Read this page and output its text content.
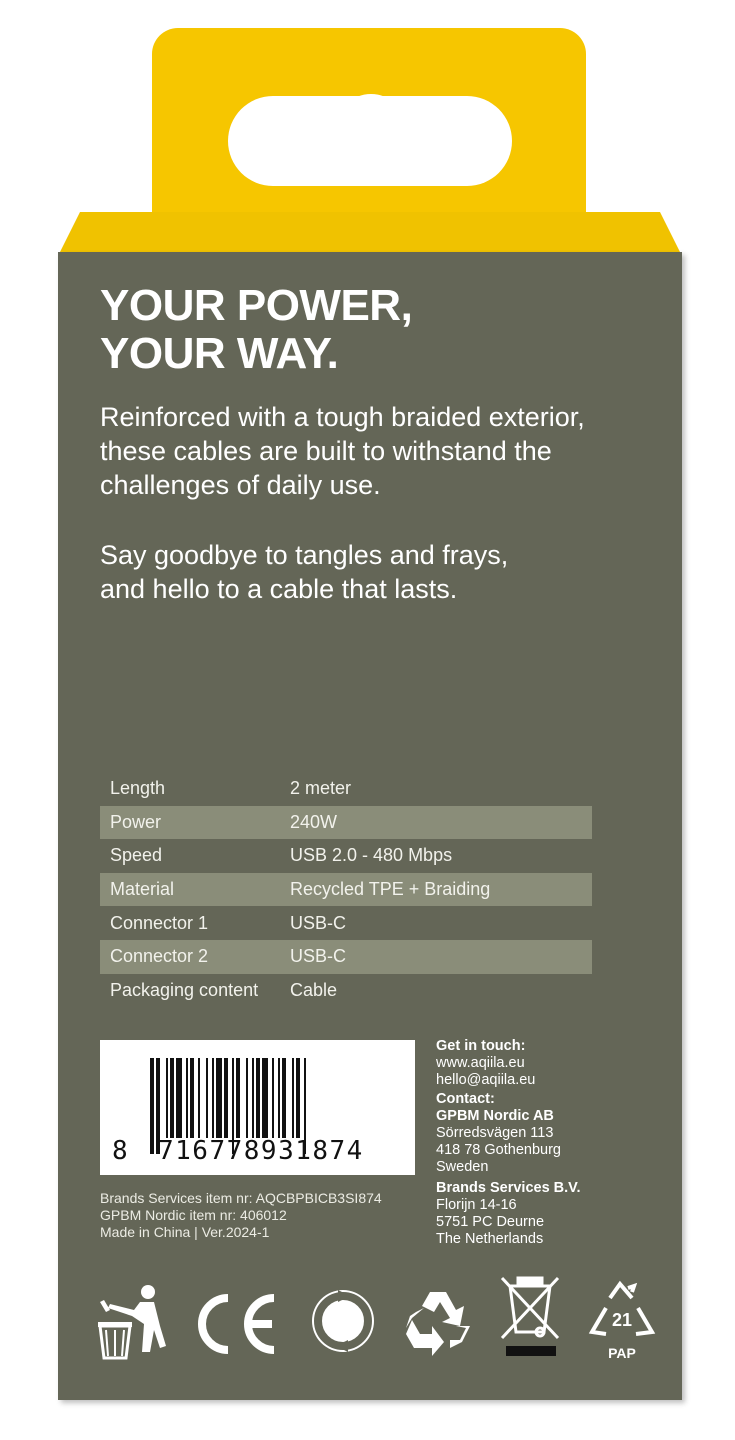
YOUR POWER,
YOUR WAY.

Reinforced with a tough braided exterior,
these cables are built to withstand the
challenges of daily use.

Say goodbye to tangles and frays,
and hello to a cable that lasts.

Length	2 meter
Power	240W
Speed	USB 2.0 - 480 Mbps
Material	Recycled TPE + Braiding
Connector 1	USB-C
Connector 2	USB-C
Packaging content	Cable
8 716778931874
Brands Services item nr: AQCBPBICB3SI874
GPBM Nordic item nr: 406012
Made in China | Ver.2024-1
Get in touch:
www.aqiila.eu
hello@aqiila.eu
Contact:
GPBM Nordic AB
Sörredsvägen 113
418 78 Gothenburg
Sweden
Brands Services B.V.
Florijn 14-16
5751 PC Deurne
The Netherlands
21
PAP
